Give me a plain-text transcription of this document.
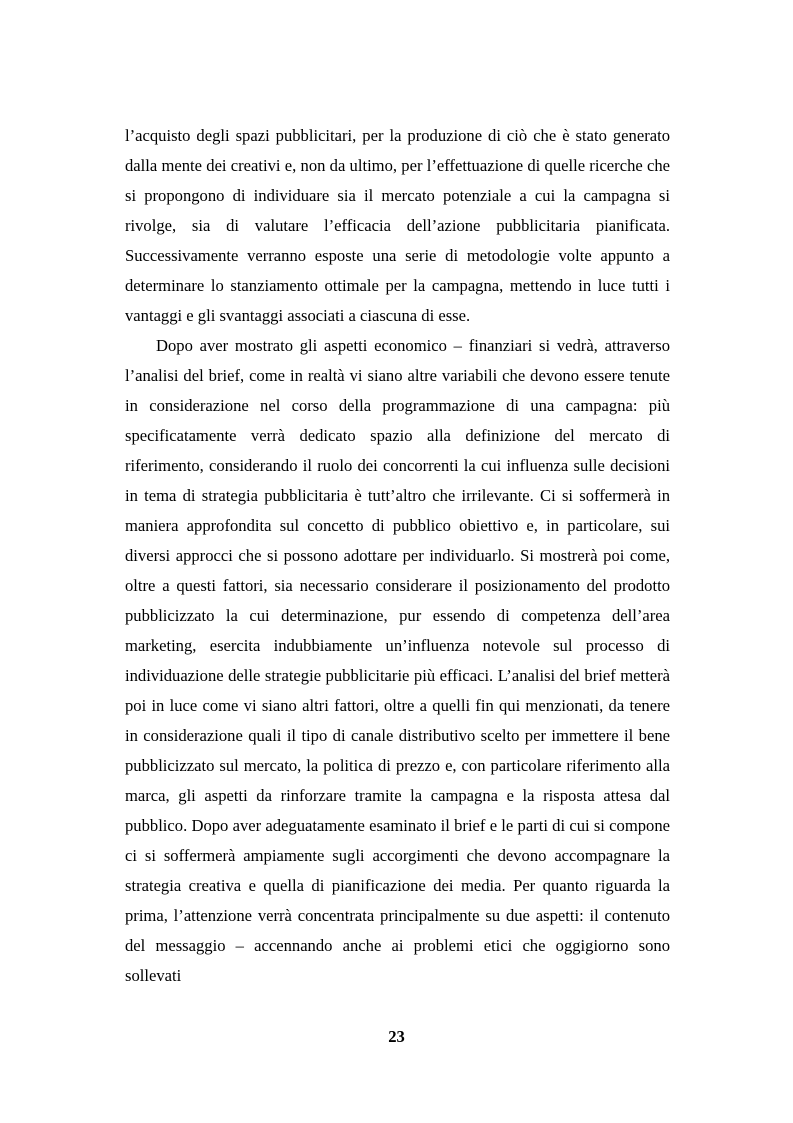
l’acquisto degli spazi pubblicitari, per la produzione di ciò che è stato generato dalla mente dei creativi e, non da ultimo, per l’effettuazione di quelle ricerche che si propongono di individuare sia il mercato potenziale a cui la campagna si rivolge, sia di valutare l’efficacia dell’azione pubblicitaria pianificata. Successivamente verranno esposte una serie di metodologie volte appunto a determinare lo stanziamento ottimale per la campagna, mettendo in luce tutti i vantaggi e gli svantaggi associati a ciascuna di esse.

Dopo aver mostrato gli aspetti economico – finanziari si vedrà, attraverso l’analisi del brief, come in realtà vi siano altre variabili che devono essere tenute in considerazione nel corso della programmazione di una campagna: più specificatamente verrà dedicato spazio alla definizione del mercato di riferimento, considerando il ruolo dei concorrenti la cui influenza sulle decisioni in tema di strategia pubblicitaria è tutt’altro che irrilevante. Ci si soffermerà in maniera approfondita sul concetto di pubblico obiettivo e, in particolare, sui diversi approcci che si possono adottare per individuarlo. Si mostrerà poi come, oltre a questi fattori, sia necessario considerare il posizionamento del prodotto pubblicizzato la cui determinazione, pur essendo di competenza dell’area marketing, esercita indubbiamente un’influenza notevole sul processo di individuazione delle strategie pubblicitarie più efficaci. L’analisi del brief metterà poi in luce come vi siano altri fattori, oltre a quelli fin qui menzionati, da tenere in considerazione quali il tipo di canale distributivo scelto per immettere il bene pubblicizzato sul mercato, la politica di prezzo e, con particolare riferimento alla marca, gli aspetti da rinforzare tramite la campagna e la risposta attesa dal pubblico. Dopo aver adeguatamente esaminato il brief e le parti di cui si compone ci si soffermerà ampiamente sugli accorgimenti che devono accompagnare la strategia creativa e quella di pianificazione dei media. Per quanto riguarda la prima, l’attenzione verrà concentrata principalmente su due aspetti: il contenuto del messaggio – accennando anche ai problemi etici che oggigiorno sono sollevati

23
